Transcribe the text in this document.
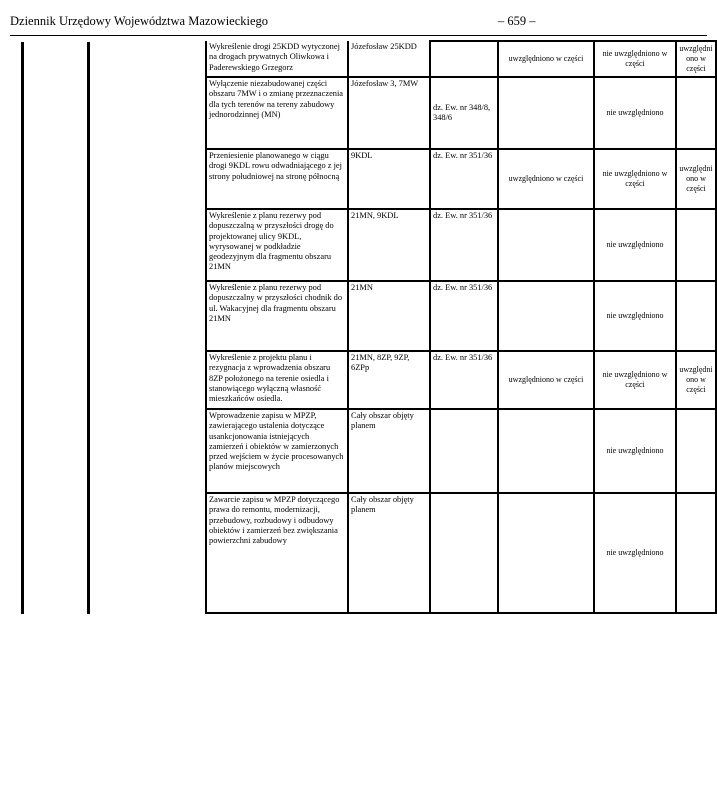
Dziennik Urzędowy Województwa Mazowieckiego	– 659 –
Wykreślenie drogi 25KDD wytyczonej na drogach prywatnych Oliwkowa i Paderewskiego Grzegorz	Józefosław 25KDD		uwzględniono w części	nie uwzględniono w części	uwzględniono w części
Wyłączenie niezabudowanej części obszaru 7MW i o zmianę przeznaczenia dla tych terenów na tereny zabudowy jednorodzinnej (MN)	Józefosław 3, 7MW	dz. Ew. nr 348/8, 348/6		nie uwzględniono	
Przeniesienie planowanego w ciągu drogi 9KDL rowu odwadniającego z jej strony południowej na stronę północną	9KDL	dz. Ew. nr 351/36	uwzględniono w części	nie uwzględniono w części	uwzględniono w części
Wykreślenie z planu rezerwy pod dopuszczalną w przyszłości drogę do projektowanej ulicy 9KDL, wyrysowanej w podkładzie geodezyjnym dla fragmentu obszaru 21MN	21MN, 9KDL	dz. Ew. nr 351/36		nie uwzględniono	
Wykreślenie z planu rezerwy pod dopuszczalny w przyszłości chodnik do ul. Wakacyjnej dla fragmentu obszaru 21MN	21MN	dz. Ew. nr 351/36		nie uwzględniono	
Wykreślenie z projektu planu i rezygnacja z wprowadzenia obszaru 8ZP położonego na terenie osiedla i stanowiącego wyłączną własność mieszkańców osiedla.	21MN, 8ZP, 9ZP, 6ZPp	dz. Ew. nr 351/36	uwzględniono w części	nie uwzględniono w części	uwzględniono w części
Wprowadzenie zapisu w MPZP, zawierającego ustalenia dotyczące usankcjonowania istniejących zamierzeń i obiektów w zamierzonych przed wejściem w życie procesowanych planów miejscowych	Cały obszar objęty planem			nie uwzględniono	
Zawarcie zapisu w MPZP dotyczącego prawa do remontu, modernizacji, przebudowy, rozbudowy i odbudowy obiektów i zamierzeń bez zwiększania powierzchni zabudowy	Cały obszar objęty planem			nie uwzględniono	
